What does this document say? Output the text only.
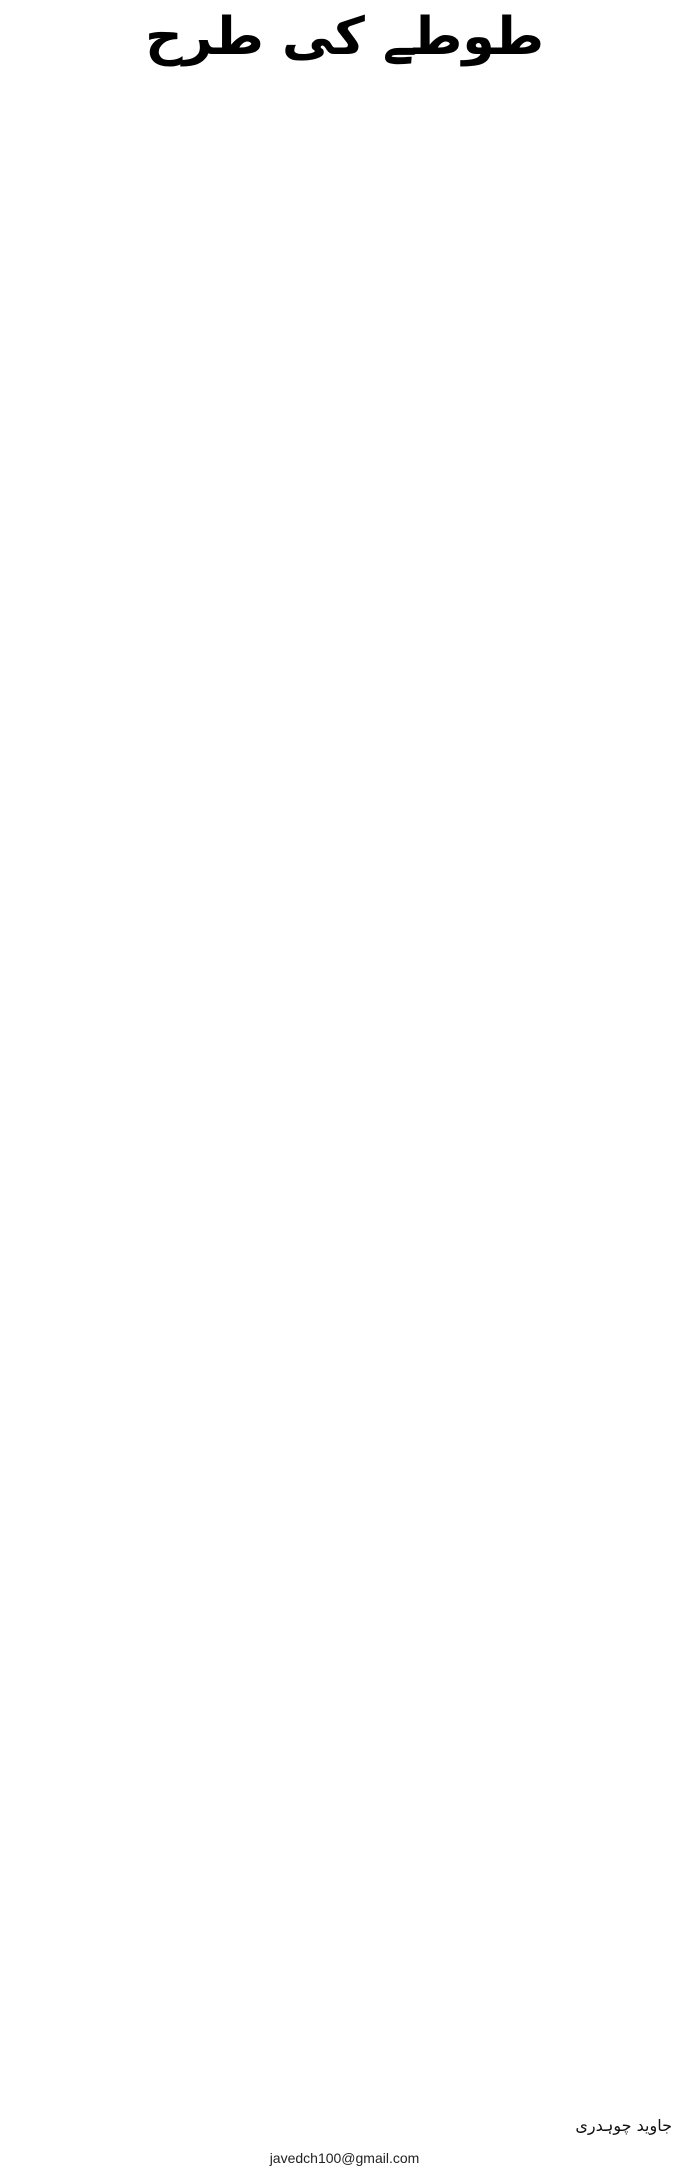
طوطے کی طرح

جاوید چوہدری
javedch100@gmail.com
